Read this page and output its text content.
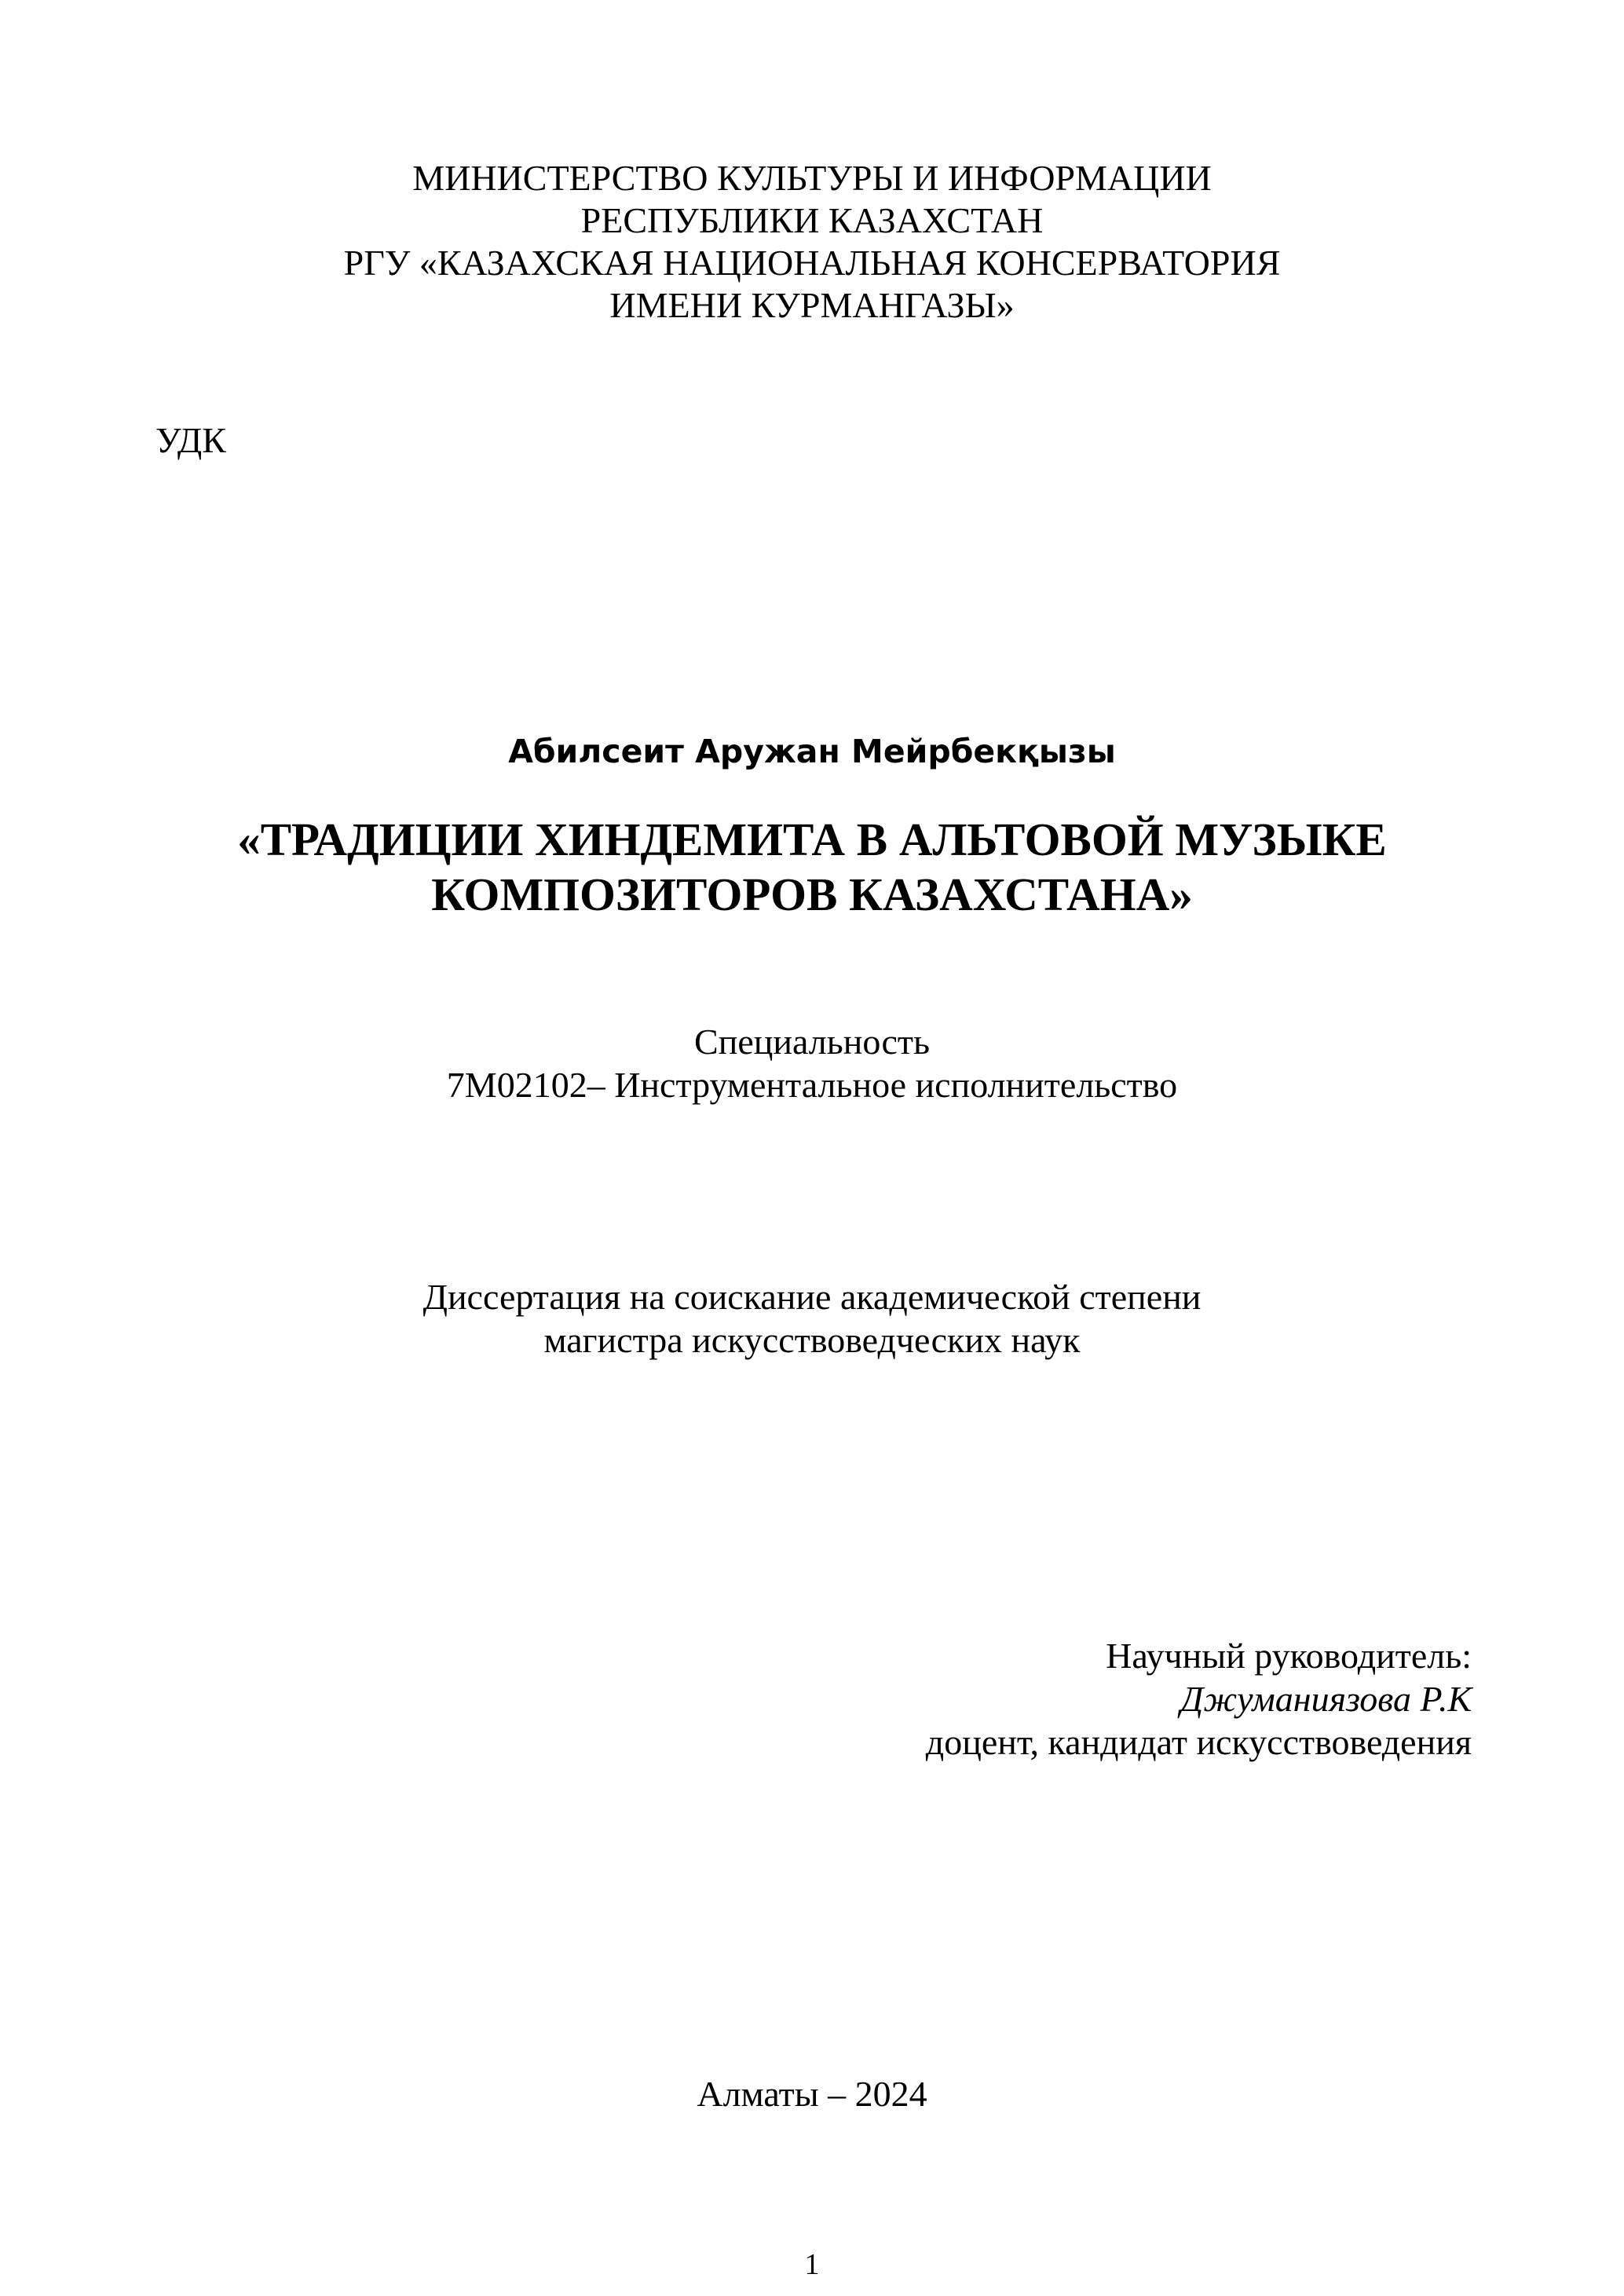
МИНИСТЕРСТВО КУЛЬТУРЫ И ИНФОРМАЦИИ

РЕСПУБЛИКИ КАЗАХСТАН

РГУ «КАЗАХСКАЯ НАЦИОНАЛЬНАЯ КОНСЕРВАТОРИЯ

ИМЕНИ КУРМАНГАЗЫ»

УДК

Абилсеит Аружан Мейрбекқызы

«ТРАДИЦИИ ХИНДЕМИТА В АЛЬТОВОЙ МУЗЫКЕ

КОМПОЗИТОРОВ КАЗАХСТАНА»

Специальность

7М02102– Инструментальное исполнительство

Диссертация на соискание академической степени

магистра искусствоведческих наук

Научный руководитель:

Джуманиязова Р.К

доцент, кандидат искусствоведения

Алматы – 2024

1
